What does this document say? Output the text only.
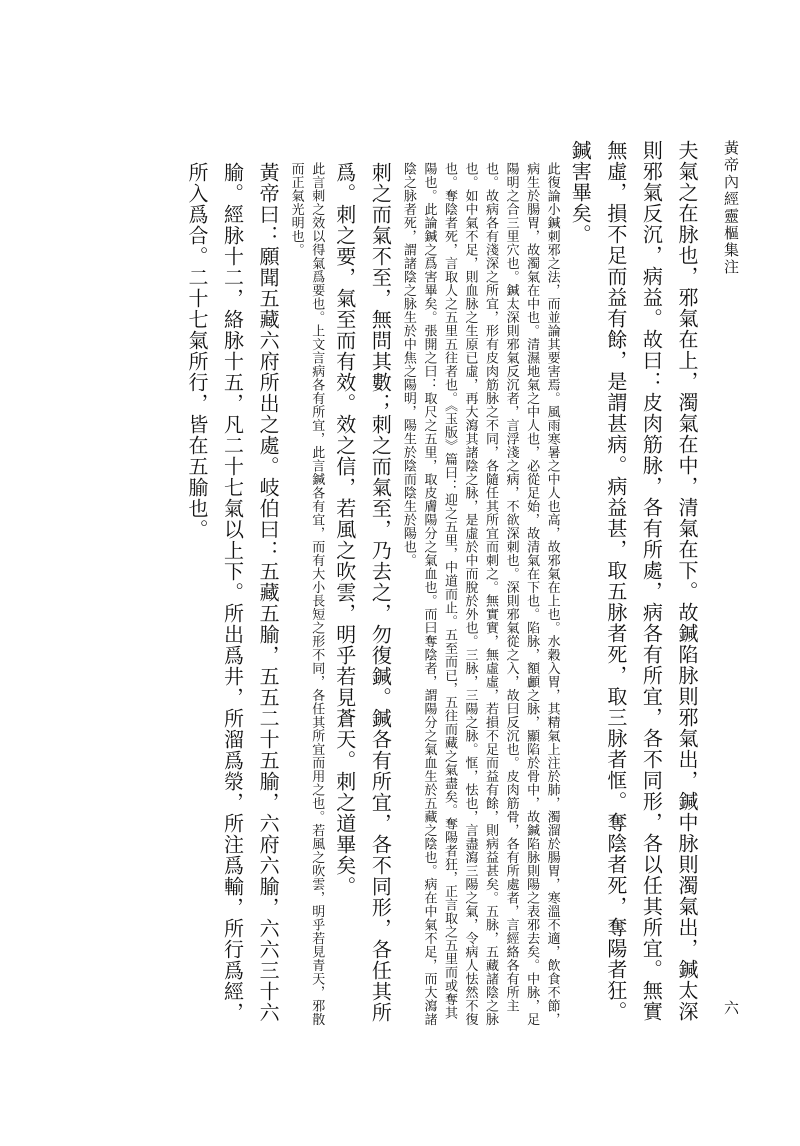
黃帝內經靈樞集注
六

夫氣之在脉也，邪氣在上，濁氣在中，清氣在下。故鍼陷脉則邪氣出，鍼中脉則濁氣出，鍼太深則邪氣反沉，病益。故曰：皮肉筋脉，各有所處，病各有所宜，各不同形，各以任其所宜。無實無虛，損不足而益有餘，是謂甚病。病益甚，取五脉者死，取三脉者恇。奪陰者死，奪陽者狂。鍼害畢矣。

此復論小鍼刺邪之法，而並論其要害焉。風雨寒暑之中人也高，故邪氣在上也。水穀入胃，其精氣上注於肺，濁溜於腸胃，寒溫不適，飲食不節，病生於腸胃，故濁氣在中也。清濕地氣之中人也，必從足始，故清氣在下也。陷脉，額顱之脉，顯陷於骨中，故鍼陷脉則陽之表邪去矣。中脉，足陽明之合三里穴也。鍼太深則邪氣反沉者，言浮淺之病，不欲深刺也。深則邪氣從之入，故曰反沉也。皮肉筋骨，各有所處者，言經絡各有所主也。故病各有淺深之所宜，形有皮肉筋脉之不同，各隨任其所宜而刺之。無實實，無虛虛，若損不足而益有餘，則病益甚矣。五脉，五藏諸陰之脉也。如中氣不足，則血脉之生原已虛，再大瀉其諸陰之脉，是虛於中而脫於外也。三脉，三陽之脉。恇，怯也，言盡瀉三陽之氣，令病人怯然不復也。奪陰者死，言取人之五里五往者也。《玉版》篇曰：迎之五里，中道而止。五至而已，五往而藏之氣盡矣。奪陽者狂，正言取之五里而或奪其陽也。此論鍼之爲害畢矣。張開之曰：取尺之五里，取皮膚陽分之氣血也。而曰奪陰者，謂陽分之氣血生於五藏之陰也。病在中氣不足，而大瀉諸陰之脉者死，謂諸陰之脉生於中焦之陽明，陽生於陰而陰生於陽也。

刺之而氣不至，無問其數；刺之而氣至，乃去之，勿復鍼。鍼各有所宜，各不同形，各任其所爲。刺之要，氣至而有效。效之信，若風之吹雲，明乎若見蒼天。刺之道畢矣。

此言刺之效以得氣爲要也。上文言病各有所宜，此言鍼各有宜，而有大小長短之形不同，各任其所宜而用之也。若風之吹雲，明乎若見青天，邪散而正氣光明也。

黃帝曰：願聞五藏六府所出之處。岐伯曰：五藏五腧，五五二十五腧，六府六腧，六六三十六腧。經脉十二，絡脉十五，凡二十七氣以上下。所出爲井，所溜爲滎，所注爲輸，所行爲經，所入爲合。二十七氣所行，皆在五腧也。
